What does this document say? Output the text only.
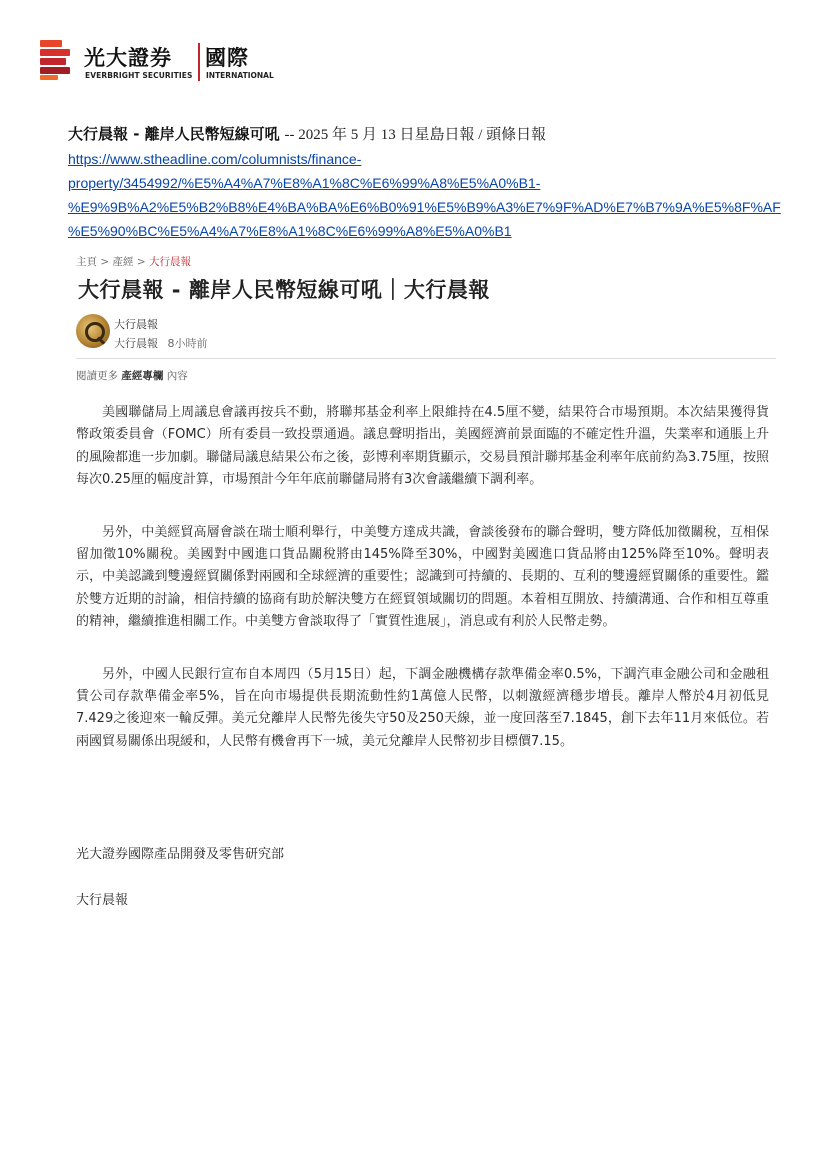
光大證券 國際
EVERBRIGHT SECURITIES INTERNATIONAL
大行晨報 ‑ 離岸人民幣短線可吼 -- 2025 年 5 月 13 日星島日報 / 頭條日報
https://www.stheadline.com/columnists/finance-
property/3454992/%E5%A4%A7%E8%A1%8C%E6%99%A8%E5%A0%B1-
%E9%9B%A2%E5%B2%B8%E4%BA%BA%E6%B0%91%E5%B9%A3%E7%9F%AD%E7%B7%9A%E5%8F%AF
%E5%90%BC%E5%A4%A7%E8%A1%8C%E6%99%A8%E5%A0%B1
主頁 > 產經 > 大行晨報
大行晨報 - 離岸人民幣短線可吼｜大行晨報
大行晨報
大行晨報 8小時前
閱讀更多 產經專欄 內容

美國聯儲局上周議息會議再按兵不動，將聯邦基金利率上限維持在4.5厘不變，結果符合市場預期。本次結果獲得貨幣政策委員會（FOMC）所有委員一致投票通過。議息聲明指出，美國經濟前景面臨的不確定性升溫，失業率和通脹上升的風險都進一步加劇。聯儲局議息結果公布之後，彭博利率期貨顯示，交易員預計聯邦基金利率年底前約為3.75厘，按照每次0.25厘的幅度計算，市場預計今年年底前聯儲局將有3次會議繼續下調利率。

另外，中美經貿高層會談在瑞士順利舉行，中美雙方達成共識，會談後發布的聯合聲明，雙方降低加徵關稅，互相保留加徵10%關稅。美國對中國進口貨品關稅將由145%降至30%，中國對美國進口貨品將由125%降至10%。聲明表示，中美認識到雙邊經貿關係對兩國和全球經濟的重要性；認識到可持續的、長期的、互利的雙邊經貿關係的重要性。鑑於雙方近期的討論，相信持續的協商有助於解決雙方在經貿領域關切的問題。本着相互開放、持續溝通、合作和相互尊重的精神，繼續推進相關工作。中美雙方會談取得了「實質性進展」，消息或有利於人民幣走勢。

另外，中國人民銀行宣布自本周四（5月15日）起，下調金融機構存款準備金率0.5%，下調汽車金融公司和金融租賃公司存款準備金率5%，旨在向市場提供長期流動性約1萬億人民幣，以刺激經濟穩步增長。離岸人幣於4月初低見7.429之後迎來一輪反彈。美元兌離岸人民幣先後失守50及250天線，並一度回落至7.1845，創下去年11月來低位。若兩國貿易關係出現緩和，人民幣有機會再下一城，美元兌離岸人民幣初步目標價7.15。

光大證券國際產品開發及零售研究部
大行晨報
